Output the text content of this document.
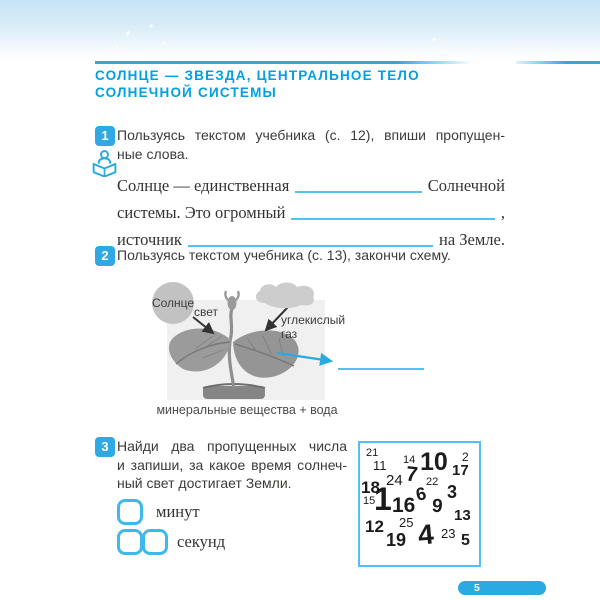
✦
✦
✦
✦
✦
✦
✦
✦
СОЛНЦЕ — ЗВЕЗДА, ЦЕНТРАЛЬНОЕ ТЕЛО
СОЛНЕЧНОЙ СИСТЕМЫ
1 Пользуясь текстом учебника (с. 12), впиши пропущен-
ные слова.
Солнце — единственная	Солнечной
системы. Это огромный	,
источник	на Земле.
2 Пользуясь текстом учебника (с. 13), закончи схему.
Солнце
свет
углекислый
газ
минеральные вещества + вода
3 Найди два пропущенных числа
и запиши, за какое время солнеч-
ный свет достигает Земли.
минут
секунд
21
11 14 10 2
17
24 7
18	22
6 3
15
1 16 9 13
12 25
19 4 23 5
5
